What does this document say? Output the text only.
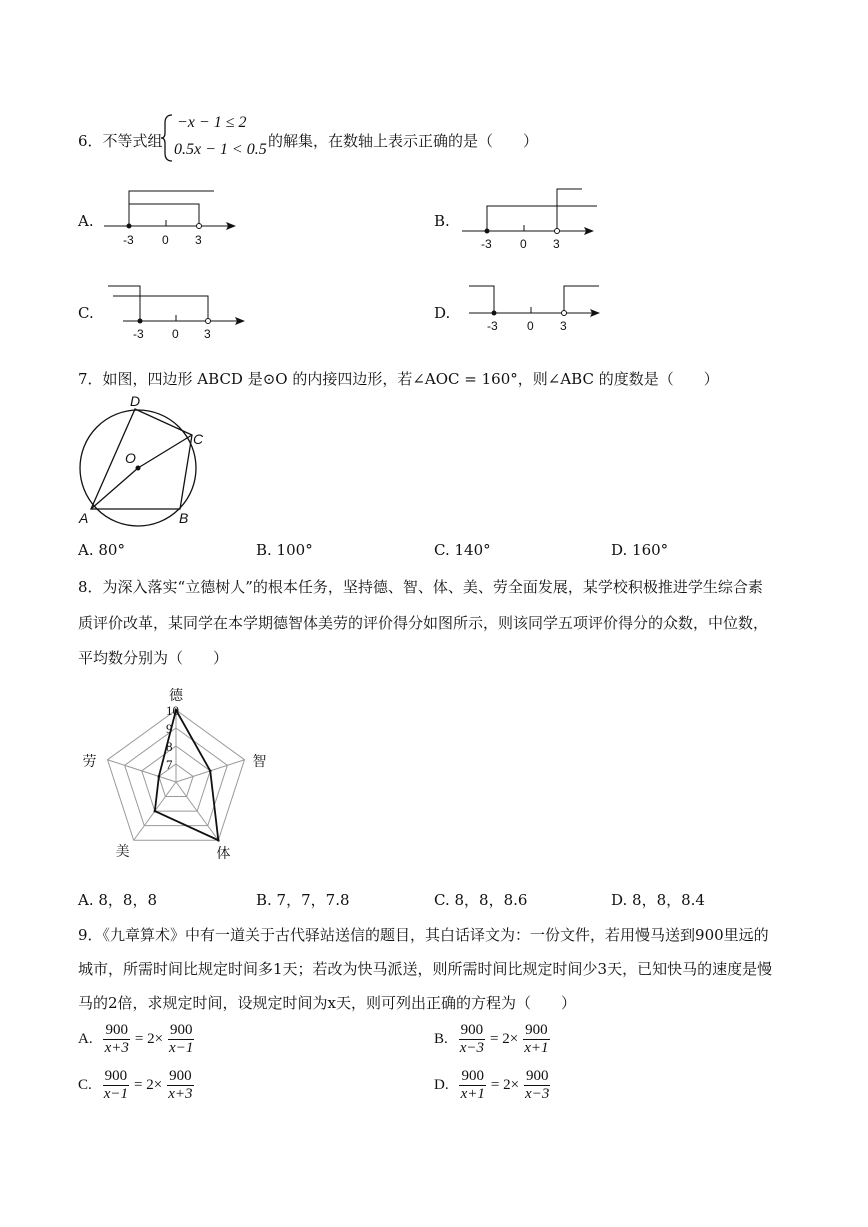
6．不等式组
−x − 1 ≤ 2
0.5x − 1 < 0.5 的解集，在数轴上表示正确的是（　　）
A.
-3 0 3
B.
-3 0 3
C.
-3 0 3
D.
-3 0 3
7．如图，四边形 ABCD 是⊙O 的内接四边形，若∠AOC = 160°，则∠ABC 的度数是（　　）
A	B
C
D
O
A. 80°	B. 100°	C. 140°	D. 160°
8．为深入落实“立德树人”的根本任务，坚持德、智、体、美、劳全面发展，某学校积极推进学生综合素
质评价改革，某同学在本学期德智体美劳的评价得分如图所示，则该同学五项评价得分的众数，中位数，
平均数分别为（　　）
10
9
8
7
德
智
体
美
劳
A. 8，8，8	B. 7，7，7.8	C. 8，8，8.6	D. 8，8，8.4
9．《九章算术》中有一道关于古代驿站送信的题目，其白话译文为：一份文件，若用慢马送到900里远的
城市，所需时间比规定时间多1天；若改为快马派送，则所需时间比规定时间少3天，已知快马的速度是慢
马的2倍，求规定时间，设规定时间为x天，则可列出正确的方程为（　　）
A. $\frac{900}{x+3} = 2\times \frac{900}{x-1}$	B. $\frac{900}{x-3} = 2\times \frac{900}{x+1}$
C. $\frac{900}{x-1} = 2\times \frac{900}{x+3}$	D. $\frac{900}{x+1} = 2\times \frac{900}{x-3}$
